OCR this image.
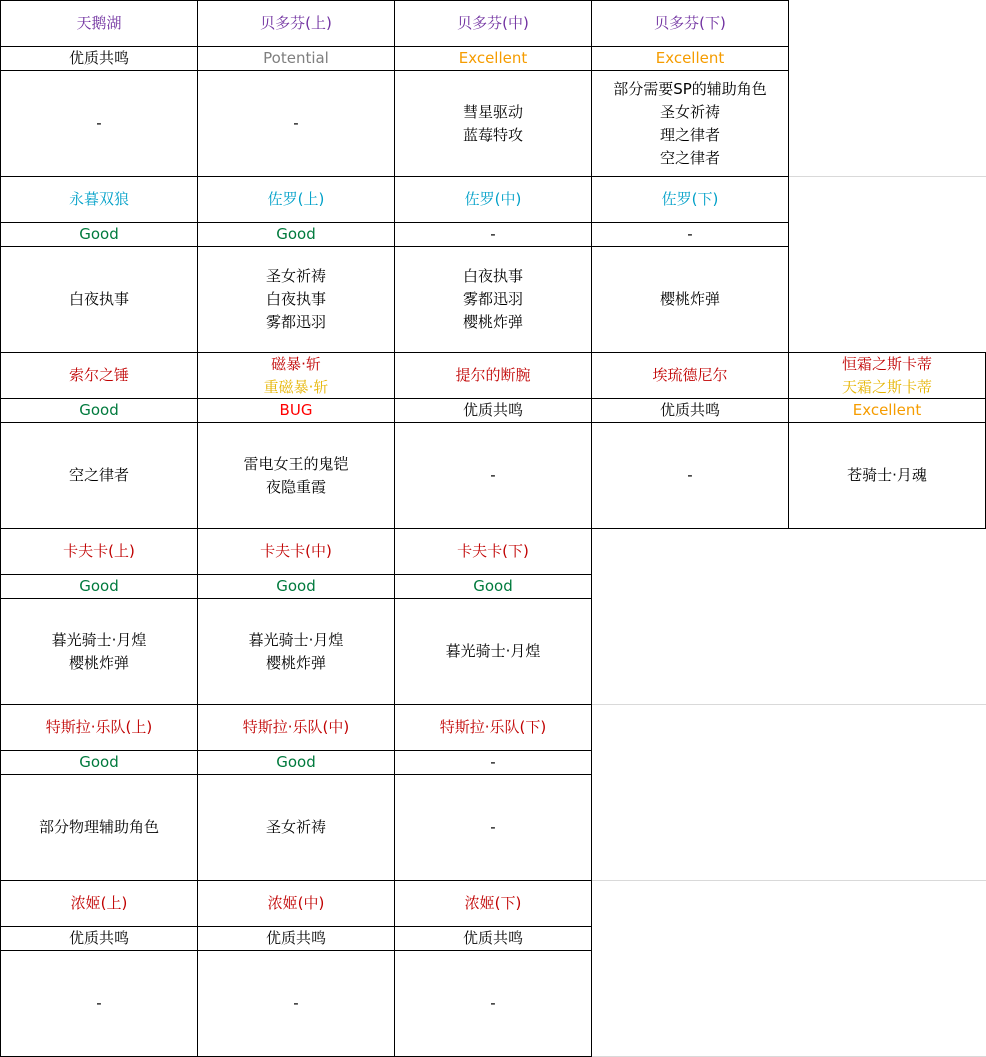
天鹅湖
优质共鸣
-
贝多芬(上)
Potential
-
贝多芬(中)
Excellent
彗星驱动
蓝莓特攻
贝多芬(下)
Excellent
部分需要SP的辅助角色
圣女祈祷
理之律者
空之律者
永暮双狼
Good
白夜执事
佐罗(上)
Good
圣女祈祷
白夜执事
雾都迅羽
佐罗(中)
-
白夜执事
雾都迅羽
樱桃炸弹
佐罗(下)
-
樱桃炸弹
索尔之锤
Good
空之律者
磁暴·斩
重磁暴·斩
BUG
雷电女王的鬼铠
夜隐重霞
提尔的断腕
优质共鸣
-
埃琉德尼尔
优质共鸣
-
恒霜之斯卡蒂
天霜之斯卡蒂
Excellent
苍骑士·月魂
卡夫卡(上)
Good
暮光骑士·月煌
樱桃炸弹
卡夫卡(中)
Good
暮光骑士·月煌
樱桃炸弹
卡夫卡(下)
Good
暮光骑士·月煌
特斯拉·乐队(上)
Good
部分物理辅助角色
特斯拉·乐队(中)
Good
圣女祈祷
特斯拉·乐队(下)
-
-
浓姬(上)
优质共鸣
-
浓姬(中)
优质共鸣
-
浓姬(下)
优质共鸣
-
